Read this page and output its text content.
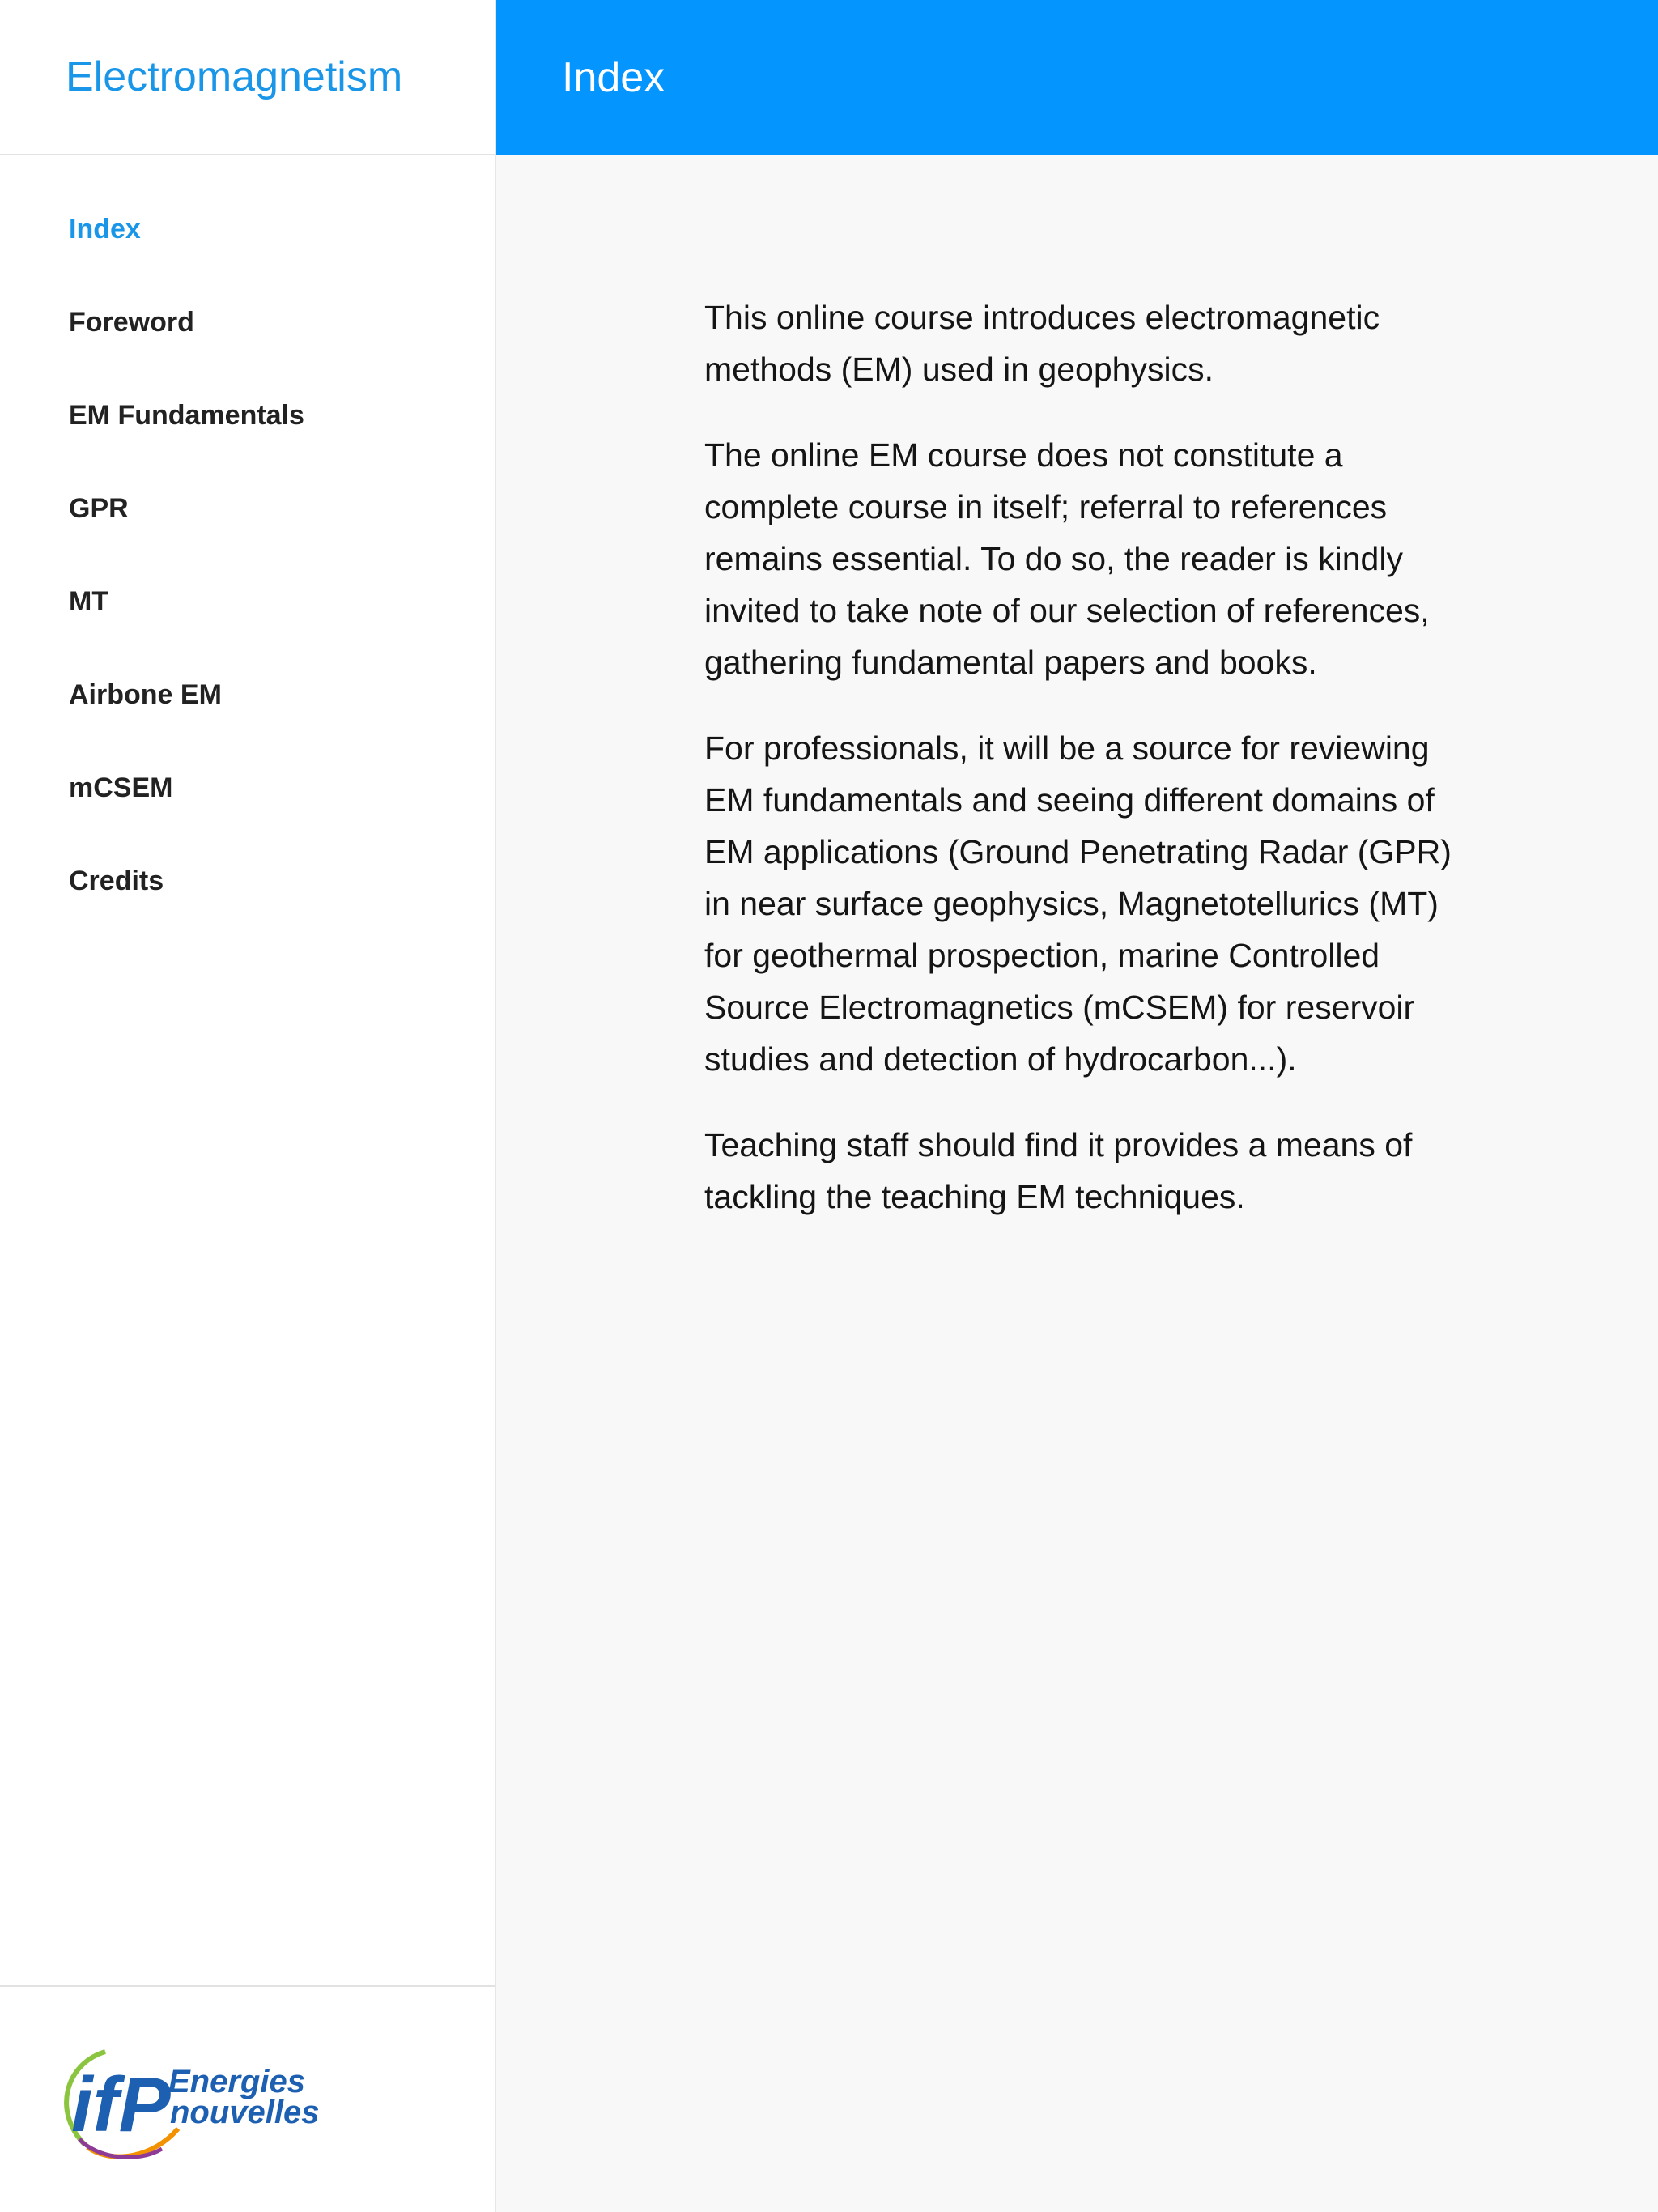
Electromagnetism
Index
Foreword
EM Fundamentals
GPR
MT
Airbone EM
mCSEM
Credits
ifP
Energies
nouvelles
Index

This online course introduces electromagnetic methods (EM) used in geophysics.

The online EM course does not constitute a complete course in itself; referral to references remains essential. To do so, the reader is kindly invited to take note of our selection of references, gathering fundamental papers and books.

For professionals, it will be a source for reviewing EM fundamentals and seeing different domains of EM applications (Ground Penetrating Radar (GPR) in near surface geophysics, Magnetotellurics (MT) for geothermal prospection, marine Controlled Source Electromagnetics (mCSEM) for reservoir studies and detection of hydrocarbon...).

Teaching staff should find it provides a means of tackling the teaching EM techniques.
